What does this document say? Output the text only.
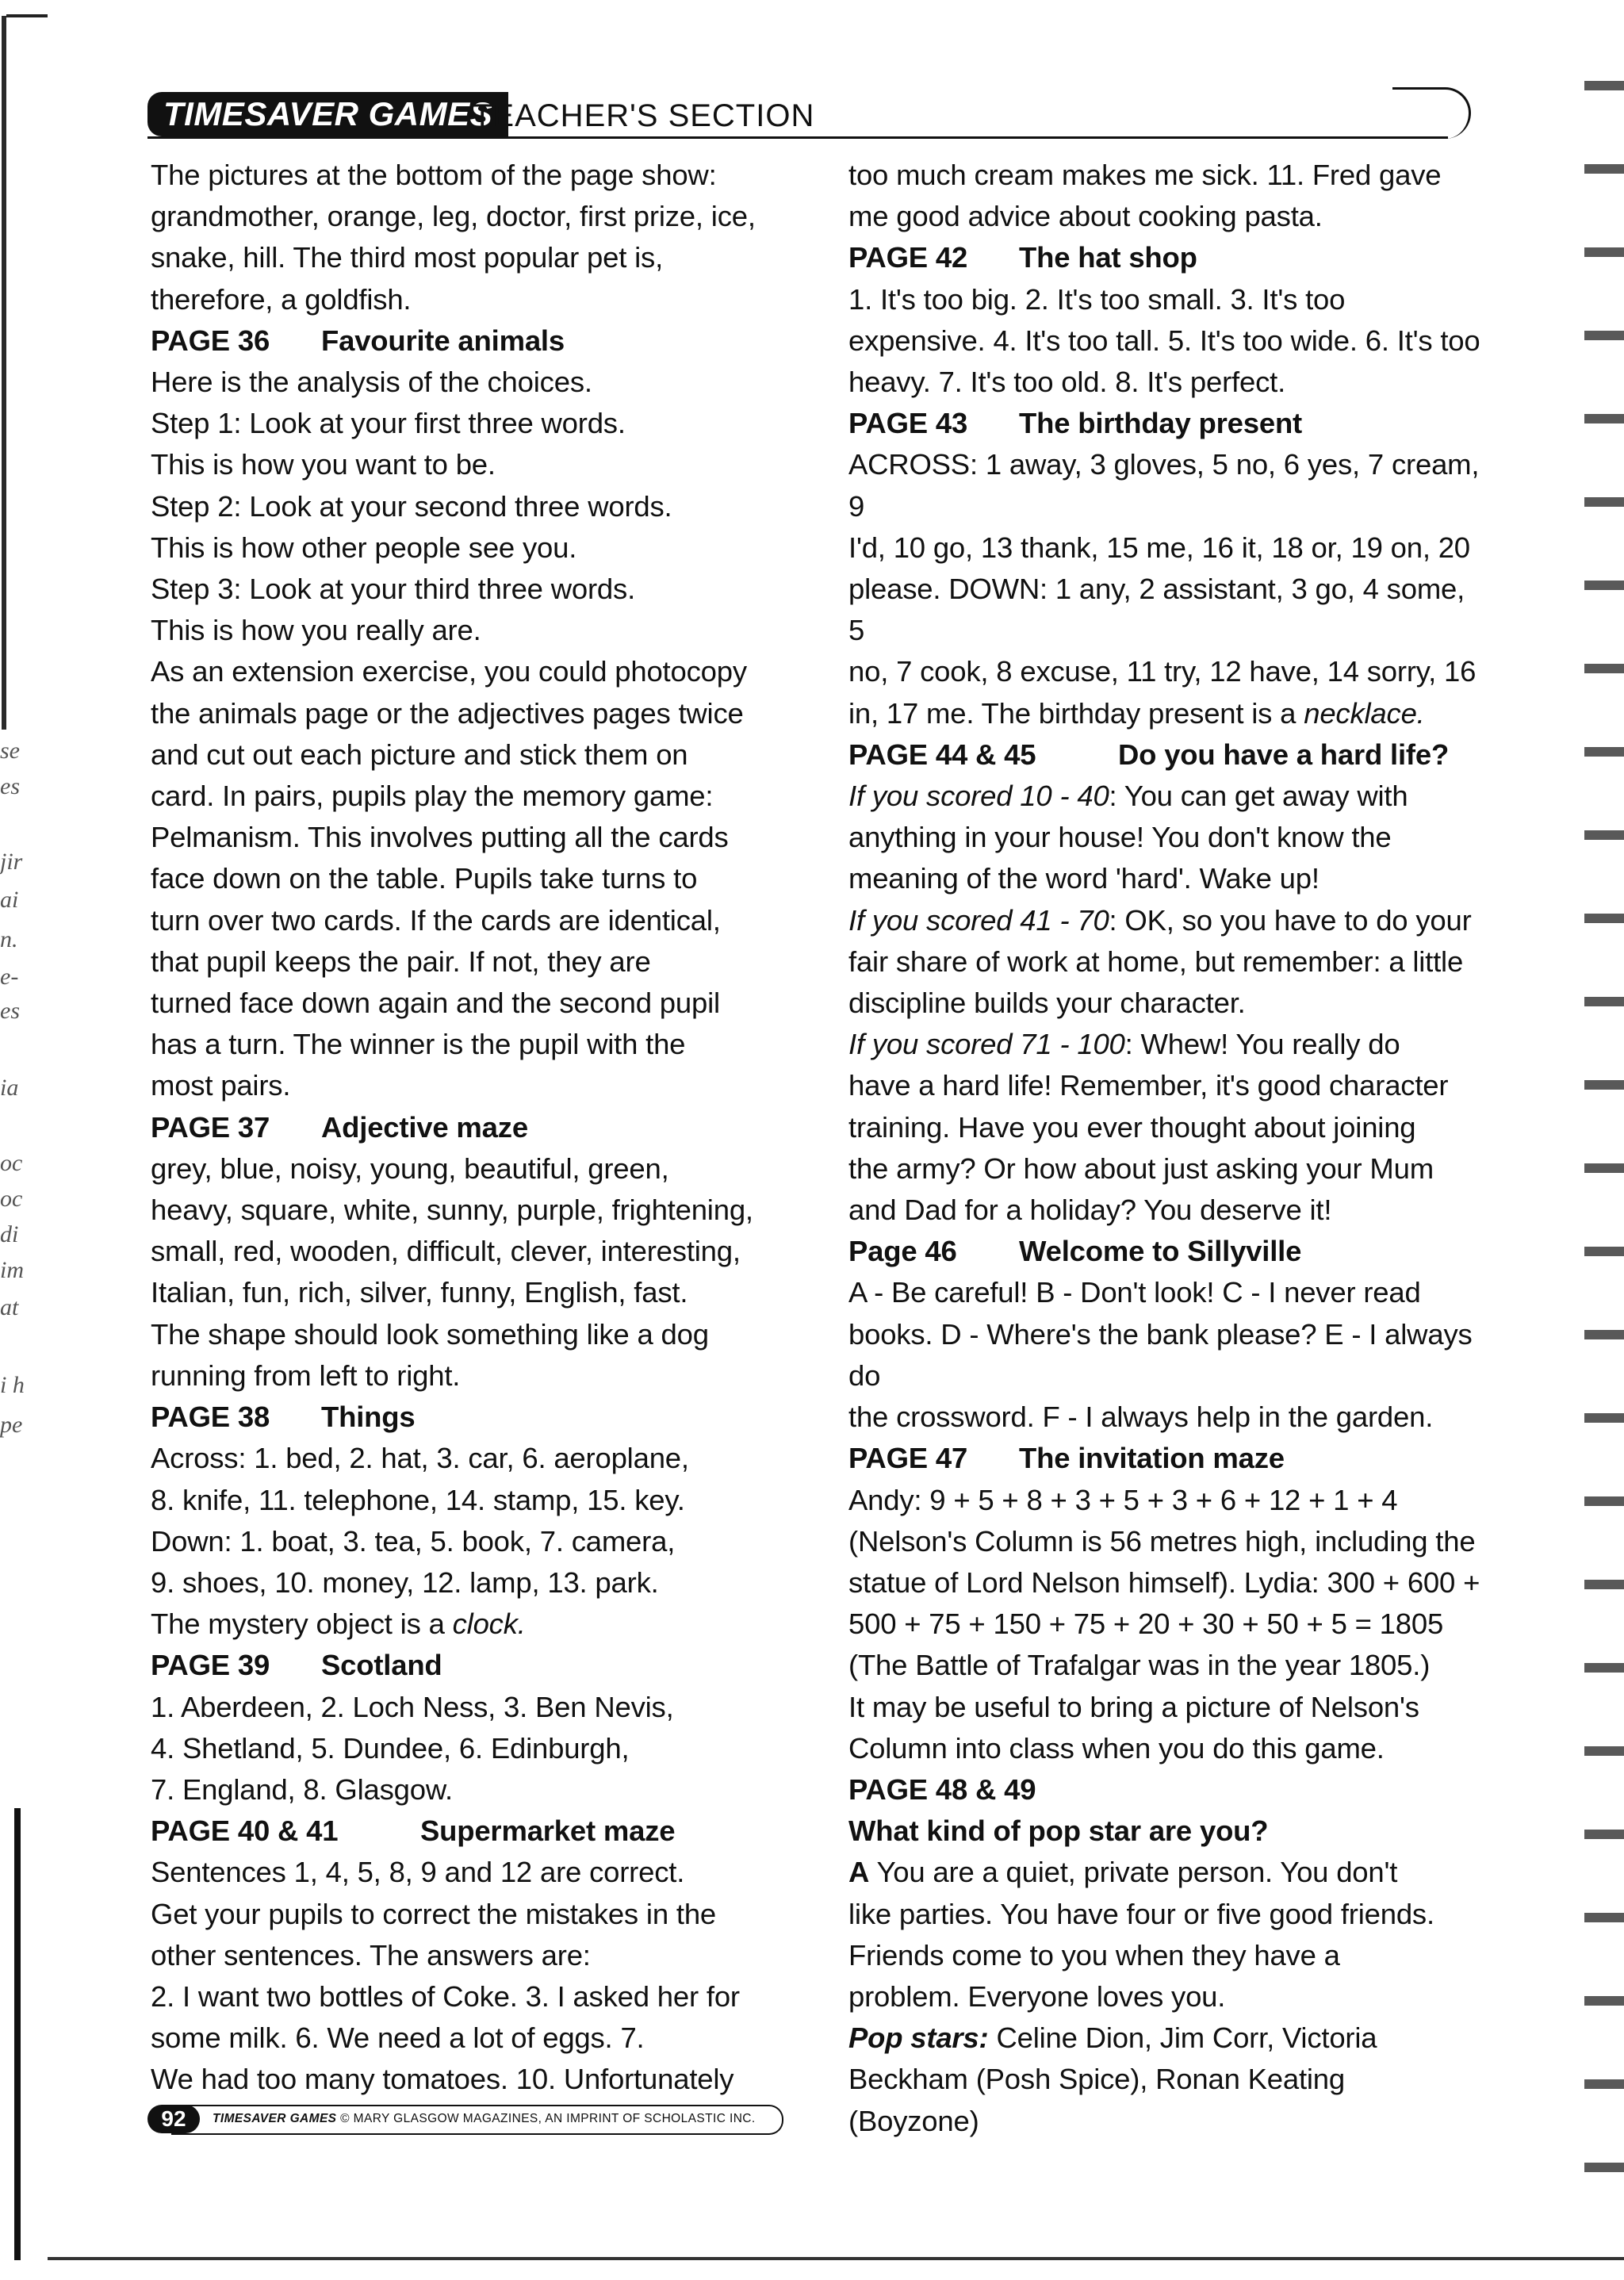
se
es
jir
ai
n.
e-
es
ia
oc
oc
di
im
at
i h
pe
TIMESAVER GAMES
TEACHER'S SECTION

The pictures at the bottom of the page show:

grandmother, orange, leg, doctor, first prize, ice,

snake, hill. The third most popular pet is,

therefore, a goldfish.

PAGE 36 Favourite animals

Here is the analysis of the choices.

Step 1: Look at your first three words.

This is how you want to be.

Step 2: Look at your second three words.

This is how other people see you.

Step 3: Look at your third three words.

This is how you really are.

As an extension exercise, you could photocopy

the animals page or the adjectives pages twice

and cut out each picture and stick them on

card. In pairs, pupils play the memory game:

Pelmanism. This involves putting all the cards

face down on the table. Pupils take turns to

turn over two cards. If the cards are identical,

that pupil keeps the pair. If not, they are

turned face down again and the second pupil

has a turn. The winner is the pupil with the

most pairs.

PAGE 37 Adjective maze

grey, blue, noisy, young, beautiful, green,

heavy, square, white, sunny, purple, frightening,

small, red, wooden, difficult, clever, interesting,

Italian, fun, rich, silver, funny, English, fast.

The shape should look something like a dog

running from left to right.

PAGE 38 Things

Across: 1. bed, 2. hat, 3. car, 6. aeroplane,

8. knife, 11. telephone, 14. stamp, 15. key.

Down: 1. boat, 3. tea, 5. book, 7. camera,

9. shoes, 10. money, 12. lamp, 13. park.

The mystery object is a clock.

PAGE 39 Scotland

1. Aberdeen, 2. Loch Ness, 3. Ben Nevis,

4. Shetland, 5. Dundee, 6. Edinburgh,

7. England, 8. Glasgow.

PAGE 40 & 41	Supermarket maze

Sentences 1, 4, 5, 8, 9 and 12 are correct.

Get your pupils to correct the mistakes in the

other sentences. The answers are:

2. I want two bottles of Coke. 3. I asked her for

some milk. 6. We need a lot of eggs. 7.

We had too many tomatoes. 10. Unfortunately

too much cream makes me sick. 11. Fred gave

me good advice about cooking pasta.

PAGE 42 The hat shop

1. It's too big. 2. It's too small. 3. It's too

expensive. 4. It's too tall. 5. It's too wide. 6. It's too

heavy. 7. It's too old. 8. It's perfect.

PAGE 43 The birthday present

ACROSS: 1 away, 3 gloves, 5 no, 6 yes, 7 cream, 9

I'd, 10 go, 13 thank, 15 me, 16 it, 18 or, 19 on, 20

please. DOWN: 1 any, 2 assistant, 3 go, 4 some, 5

no, 7 cook, 8 excuse, 11 try, 12 have, 14 sorry, 16

in, 17 me. The birthday present is a necklace.

PAGE 44 & 45	Do you have a hard life?

If you scored 10 - 40: You can get away with

anything in your house! You don't know the

meaning of the word 'hard'. Wake up!

If you scored 41 - 70: OK, so you have to do your

fair share of work at home, but remember: a little

discipline builds your character.

If you scored 71 - 100: Whew! You really do

have a hard life! Remember, it's good character

training. Have you ever thought about joining

the army? Or how about just asking your Mum

and Dad for a holiday? You deserve it!

Page 46 Welcome to Sillyville

A - Be careful! B - Don't look! C - I never read

books. D - Where's the bank please? E - I always do

the crossword. F - I always help in the garden.

PAGE 47 The invitation maze

Andy: 9 + 5 + 8 + 3 + 5 + 3 + 6 + 12 + 1 + 4

(Nelson's Column is 56 metres high, including the

statue of Lord Nelson himself). Lydia: 300 + 600 +

500 + 75 + 150 + 75 + 20 + 30 + 50 + 5 = 1805

(The Battle of Trafalgar was in the year 1805.)

It may be useful to bring a picture of Nelson's

Column into class when you do this game.

PAGE 48 & 49

What kind of pop star are you?

A You are a quiet, private person. You don't

like parties. You have four or five good friends.

Friends come to you when they have a

problem. Everyone loves you.

Pop stars: Celine Dion, Jim Corr, Victoria

Beckham (Posh Spice), Ronan Keating

(Boyzone)

92	TIMESAVER GAMES © MARY GLASGOW MAGAZINES, AN IMPRINT OF SCHOLASTIC INC.
